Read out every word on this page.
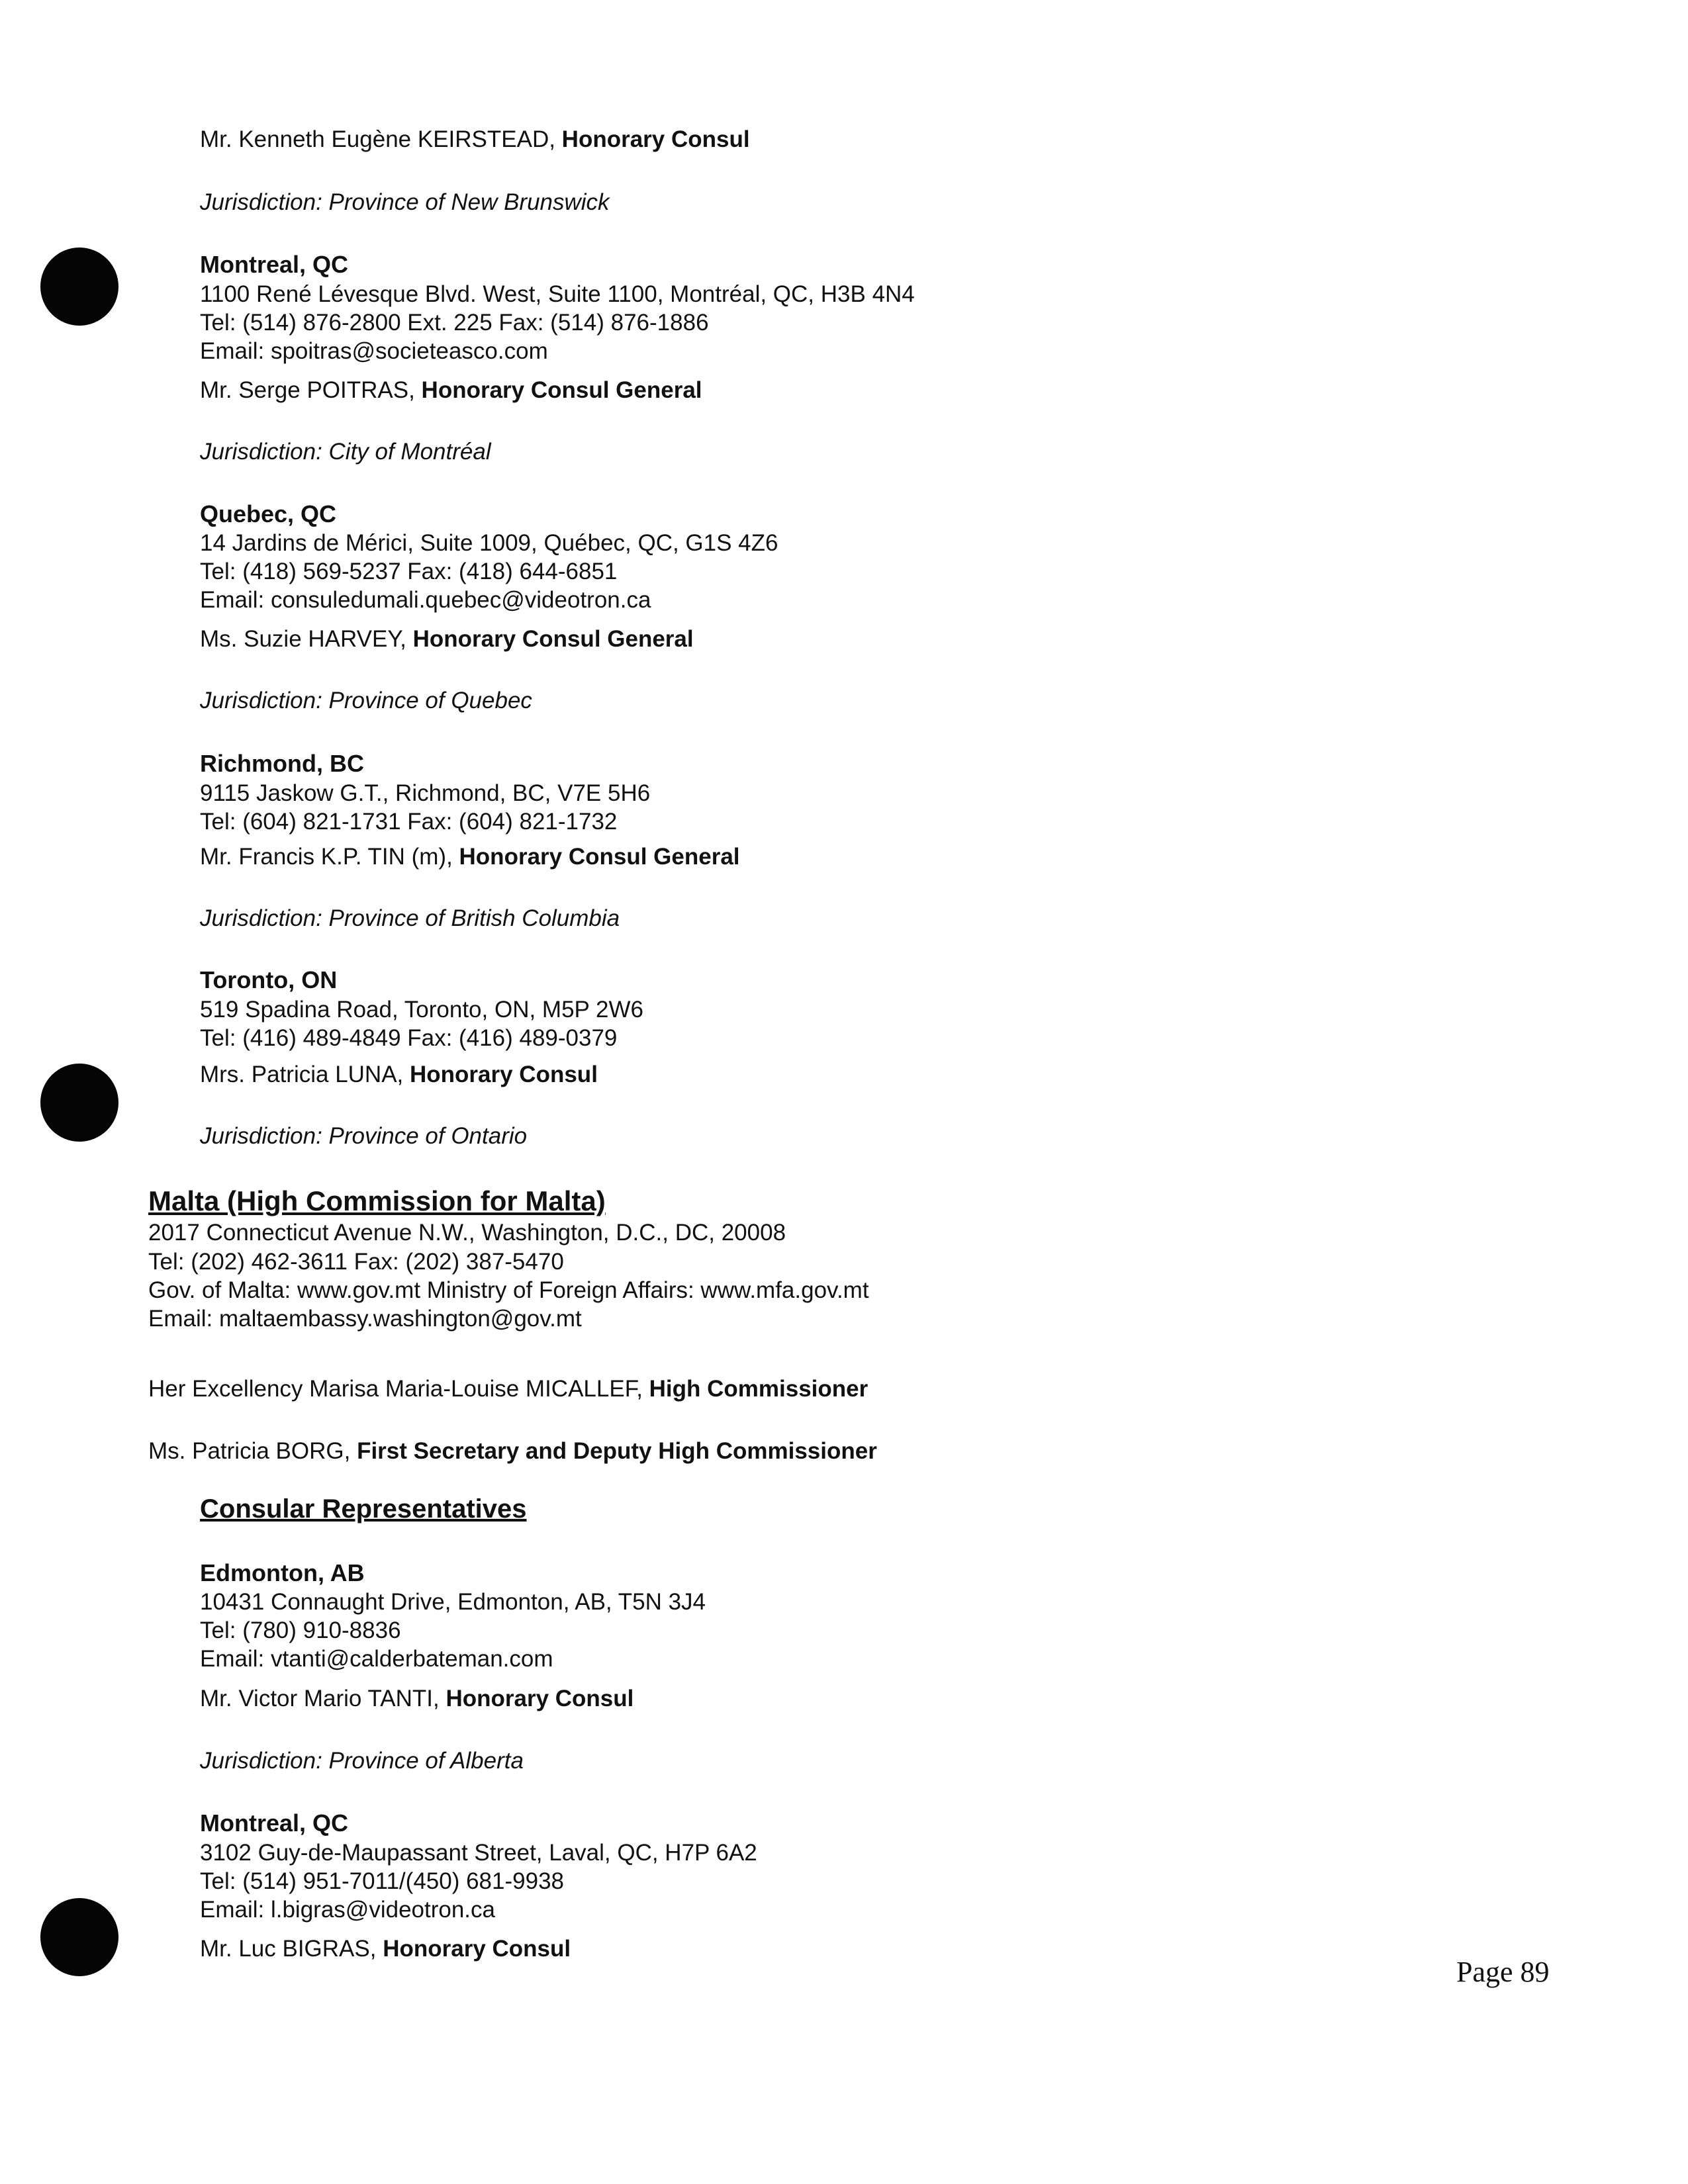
Mr. Kenneth Eugène KEIRSTEAD, Honorary Consul
Jurisdiction: Province of New Brunswick
Montreal, QC
1100 René Lévesque Blvd. West, Suite 1100, Montréal, QC, H3B 4N4
Tel: (514) 876-2800 Ext. 225 Fax: (514) 876-1886
Email: spoitras@societeasco.com
Mr. Serge POITRAS, Honorary Consul General
Jurisdiction: City of Montréal
Quebec, QC
14 Jardins de Mérici, Suite 1009, Québec, QC, G1S 4Z6
Tel: (418) 569-5237 Fax: (418) 644-6851
Email: consuledumali.quebec@videotron.ca
Ms. Suzie HARVEY, Honorary Consul General
Jurisdiction: Province of Quebec
Richmond, BC
9115 Jaskow G.T., Richmond, BC, V7E 5H6
Tel: (604) 821-1731 Fax: (604) 821-1732
Mr. Francis K.P. TIN (m), Honorary Consul General
Jurisdiction: Province of British Columbia
Toronto, ON
519 Spadina Road, Toronto, ON, M5P 2W6
Tel: (416) 489-4849 Fax: (416) 489-0379
Mrs. Patricia LUNA, Honorary Consul
Jurisdiction: Province of Ontario
Malta (High Commission for Malta)
2017 Connecticut Avenue N.W., Washington, D.C., DC, 20008
Tel: (202) 462-3611 Fax: (202) 387-5470
Gov. of Malta: www.gov.mt Ministry of Foreign Affairs: www.mfa.gov.mt
Email: maltaembassy.washington@gov.mt
Her Excellency Marisa Maria-Louise MICALLEF, High Commissioner
Ms. Patricia BORG, First Secretary and Deputy High Commissioner
Consular Representatives
Edmonton, AB
10431 Connaught Drive, Edmonton, AB, T5N 3J4
Tel: (780) 910-8836
Email: vtanti@calderbateman.com
Mr. Victor Mario TANTI, Honorary Consul
Jurisdiction: Province of Alberta
Montreal, QC
3102 Guy-de-Maupassant Street, Laval, QC, H7P 6A2
Tel: (514) 951-7011/(450) 681-9938
Email: l.bigras@videotron.ca
Mr. Luc BIGRAS, Honorary Consul
Page 89
